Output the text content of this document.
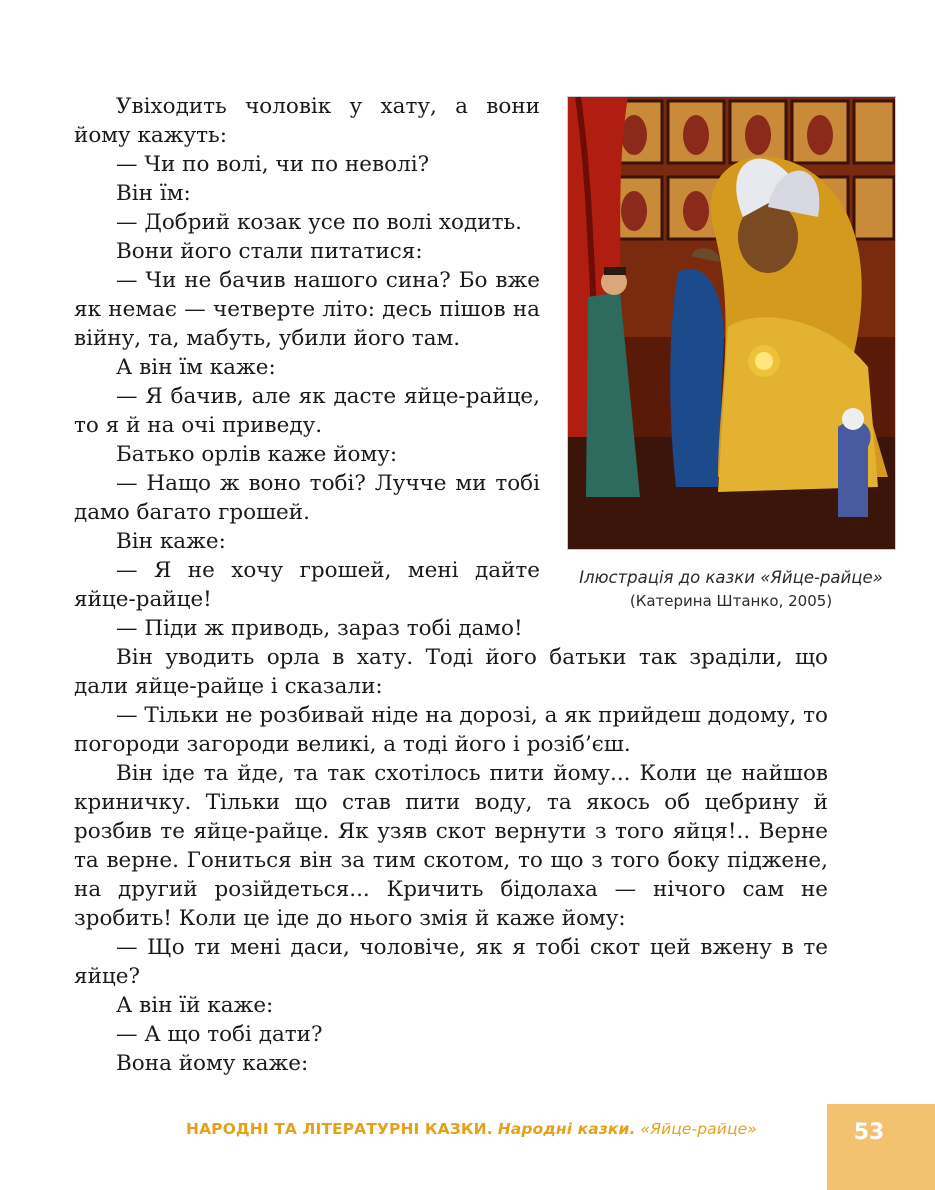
Увіходить чоловік у хату, а вони йому кажуть:

— Чи по волі, чи по неволі?

Він їм:

— Добрий козак усе по волі ходить.

Вони його стали питатися:

— Чи не бачив нашого сина? Бо вже як немає — четверте літо: десь пішов на війну, та, мабуть, убили його там.

А він їм каже:

— Я бачив, але як дасте яйце-райце, то я й на очі приведу.

Батько орлів каже йому:

— Нащо ж воно тобі? Лучче ми тобі дамо багато грошей.

Він каже:

— Я не хочу грошей, мені дайте яйце-райце!

— Піди ж приводь, зараз тобі дамо!

Ілюстрація до казки «Яйце-райце»
(Катерина Штанко, 2005)

Він уводить орла в хату. Тоді його батьки так зраділи, що дали яйце-райце і сказали:

— Тільки не розбивай ніде на дорозі, а як прийдеш додому, то погороди загороди великі, а тоді його і розіб’єш.

Він іде та йде, та так схотілось пити йому... Коли це найшов криничку. Тільки що став пити воду, та якось об цебрину й розбив те яйце-райце. Як узяв скот вернути з того яйця!.. Верне та верне. Гониться він за тим скотом, то що з того боку піджене, на другий розійдеться... Кричить бідолаха — нічого сам не зробить! Коли це іде до нього змія й каже йому:

— Що ти мені даси, чоловіче, як я тобі скот цей вжену в те яйце?

А він їй каже:

— А що тобі дати?

Вона йому каже:

НАРОДНІ ТА ЛІТЕРАТУРНІ КАЗКИ. Народні казки. «Яйце-райце»	53
